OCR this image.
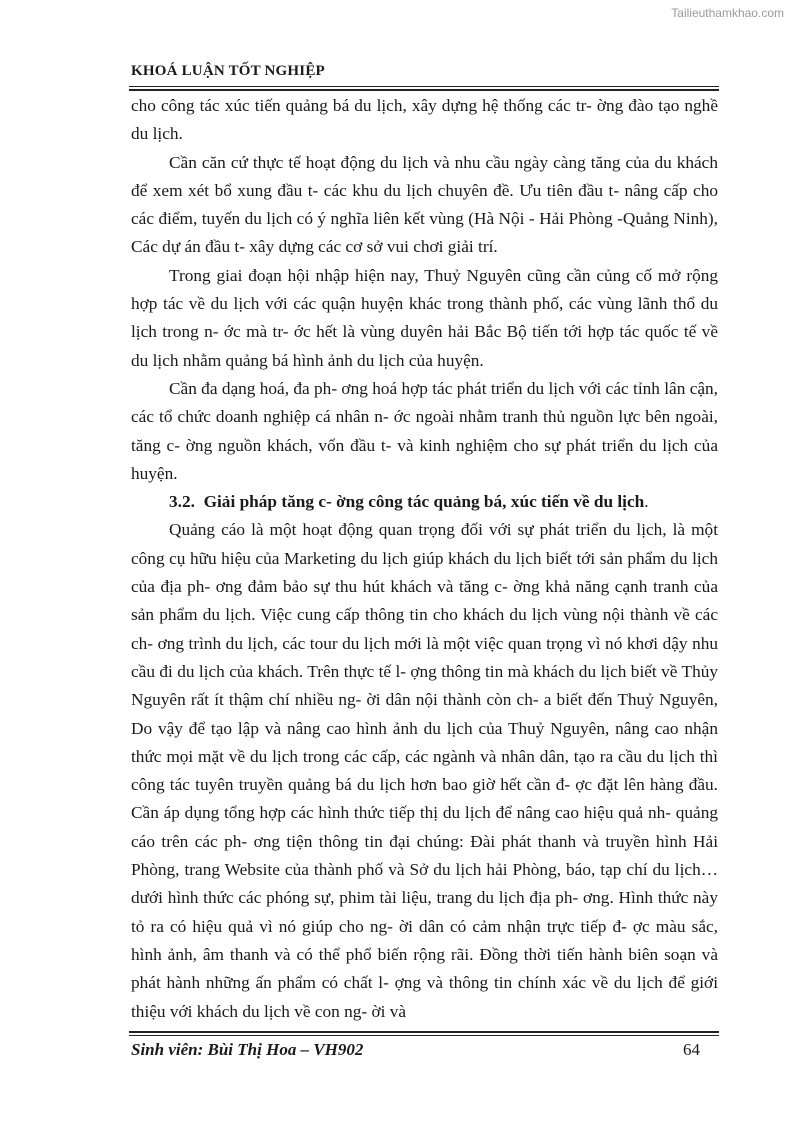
Tailieuthamkhao.com
KHOÁ LUẬN TỐT NGHIỆP

cho công tác xúc tiến quảng bá du lịch, xây dựng hệ thống các tr- ờng đào tạo nghề du lịch.

Cần căn cứ thực tế hoạt động du lịch và nhu cầu ngày càng tăng của du khách để xem xét bổ xung đầu t- các khu du lịch chuyên đề. Ưu tiên đầu t- nâng cấp cho các điểm, tuyến du lịch có ý nghĩa liên kết vùng (Hà Nội - Hải Phòng -Quảng Ninh), Các dự án đầu t- xây dựng các cơ sở vui chơi giải trí.

Trong giai đoạn hội nhập hiện nay, Thuỷ Nguyên cũng cần củng cố mở rộng hợp tác về du lịch với các quận huyện khác trong thành phố, các vùng lãnh thổ du lịch trong n- ớc mà tr- ớc hết là vùng duyên hải Bắc Bộ tiến tới hợp tác quốc tế về du lịch nhằm quảng bá hình ảnh du lịch của huyện.

Cần đa dạng hoá, đa ph- ơng hoá hợp tác phát triển du lịch với các tỉnh lân cận, các tổ chức doanh nghiệp cá nhân n- ớc ngoài nhằm tranh thủ nguồn lực bên ngoài, tăng c- ờng nguồn khách, vốn đầu t- và kinh nghiệm cho sự phát triển du lịch của huyện.

3.2. Giải pháp tăng c- ờng công tác quảng bá, xúc tiến về du lịch.

Quảng cáo là một hoạt động quan trọng đối với sự phát triển du lịch, là một công cụ hữu hiệu của Marketing du lịch giúp khách du lịch biết tới sản phẩm du lịch của địa ph- ơng đảm bảo sự thu hút khách và tăng c- ờng khả năng cạnh tranh của sản phẩm du lịch. Việc cung cấp thông tin cho khách du lịch vùng nội thành về các ch- ơng trình du lịch, các tour du lịch mới là một việc quan trọng vì nó khơi dậy nhu cầu đi du lịch của khách. Trên thực tế l- ợng thông tin mà khách du lịch biết về Thủy Nguyên rất ít thậm chí nhiều ng- ời dân nội thành còn ch- a biết đến Thuỷ Nguyên, Do vậy để tạo lập và nâng cao hình ảnh du lịch của Thuỷ Nguyên, nâng cao nhận thức mọi mặt về du lịch trong các cấp, các ngành và nhân dân, tạo ra cầu du lịch thì công tác tuyên truyền quảng bá du lịch hơn bao giờ hết cần đ- ợc đặt lên hàng đầu. Cần áp dụng tổng hợp các hình thức tiếp thị du lịch để nâng cao hiệu quả nh- quảng cáo trên các ph- ơng tiện thông tin đại chúng: Đài phát thanh và truyền hình Hải Phòng, trang Website của thành phố và Sở du lịch hải Phòng, báo, tạp chí du lịch… dưới hình thức các phóng sự, phim tài liệu, trang du lịch địa ph- ơng. Hình thức này tỏ ra có hiệu quả vì nó giúp cho ng- ời dân có cảm nhận trực tiếp đ- ợc màu sắc, hình ảnh, âm thanh và có thể phổ biến rộng rãi. Đồng thời tiến hành biên soạn và phát hành những ấn phẩm có chất l- ợng và thông tin chính xác về du lịch để giới thiệu với khách du lịch về con ng- ời và

Sinh viên: Bùi Thị Hoa – VH902	64
